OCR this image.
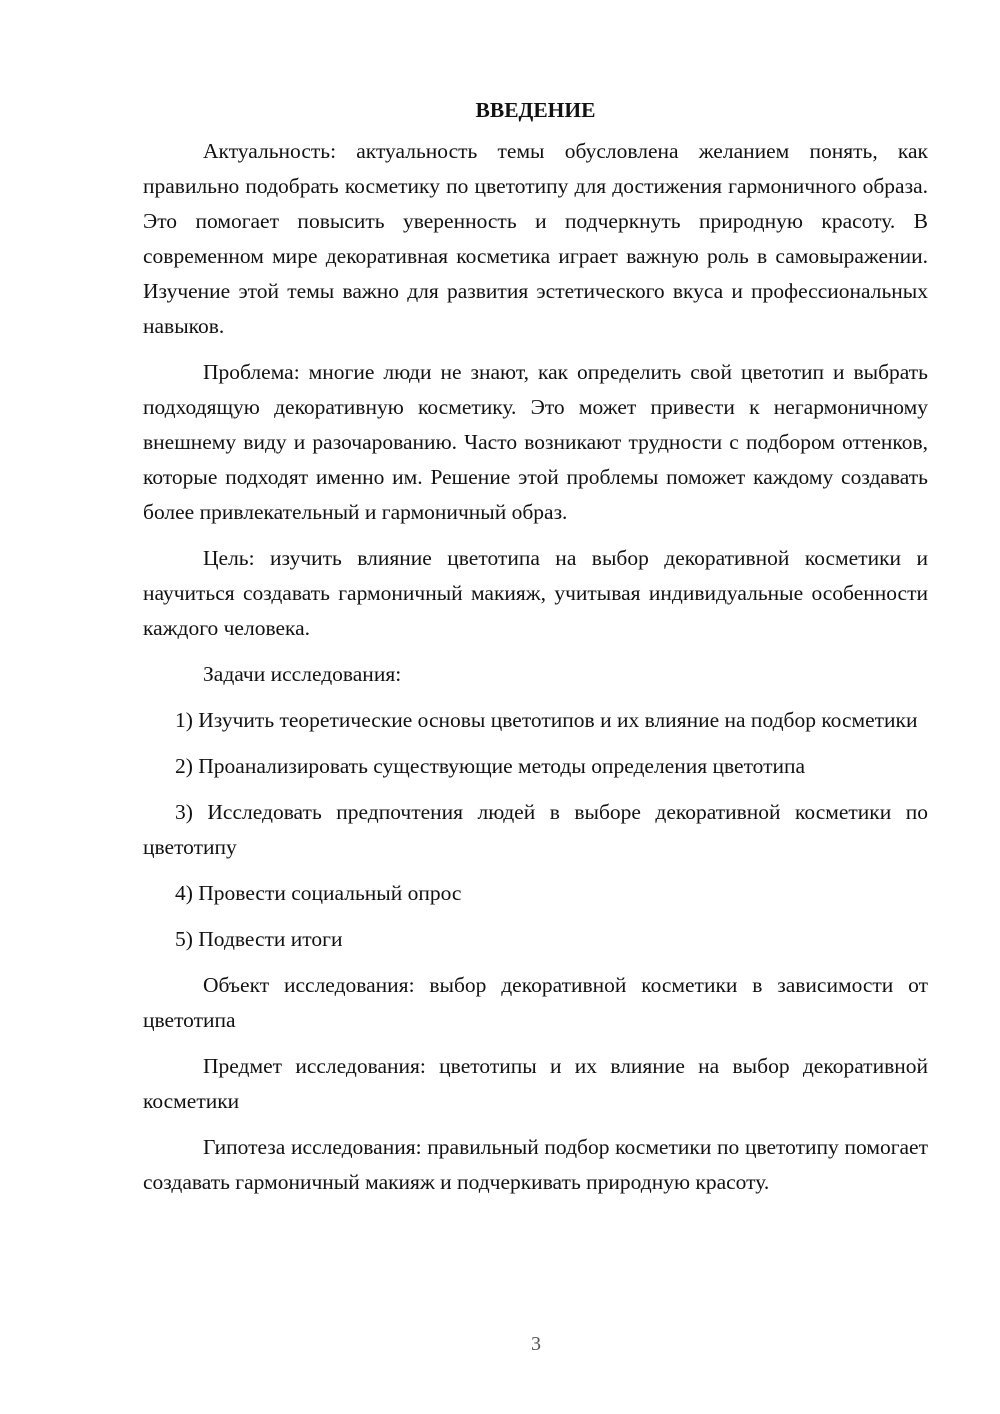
ВВЕДЕНИЕ

Актуальность: актуальность темы обусловлена желанием понять, как правильно подобрать косметику по цветотипу для достижения гармоничного образа. Это помогает повысить уверенность и подчеркнуть природную красоту. В современном мире декоративная косметика играет важную роль в самовыражении. Изучение этой темы важно для развития эстетического вкуса и профессиональных навыков.

Проблема: многие люди не знают, как определить свой цветотип и выбрать подходящую декоративную косметику. Это может привести к негармоничному внешнему виду и разочарованию. Часто возникают трудности с подбором оттенков, которые подходят именно им. Решение этой проблемы поможет каждому создавать более привлекательный и гармоничный образ.

Цель: изучить влияние цветотипа на выбор декоративной косметики и научиться создавать гармоничный макияж, учитывая индивидуальные особенности каждого человека.

Задачи исследования:

1) Изучить теоретические основы цветотипов и их влияние на подбор косметики

2) Проанализировать существующие методы определения цветотипа

3) Исследовать предпочтения людей в выборе декоративной косметики по цветотипу

4) Провести социальный опрос

5) Подвести итоги

Объект исследования: выбор декоративной косметики в зависимости от цветотипа

Предмет исследования: цветотипы и их влияние на выбор декоративной косметики

Гипотеза исследования: правильный подбор косметики по цветотипу помогает создавать гармоничный макияж и подчеркивать природную красоту.

3
